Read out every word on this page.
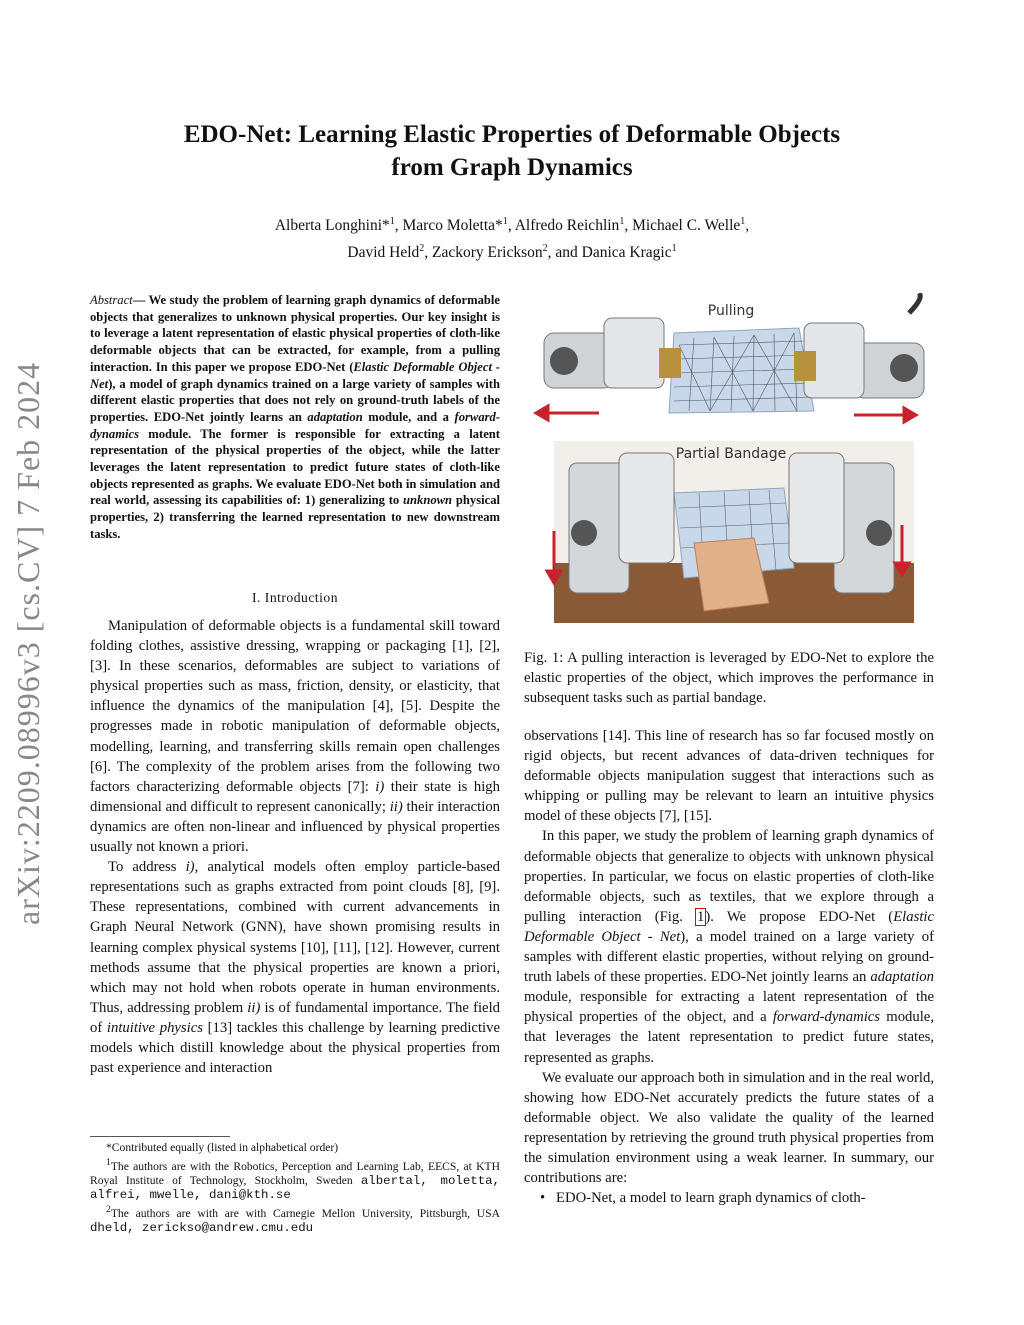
arXiv:2209.08996v3 [cs.CV] 7 Feb 2024
EDO-Net: Learning Elastic Properties of Deformable Objects
from Graph Dynamics
Alberta Longhini*$^1$, Marco Moletta*$^1$, Alfredo Reichlin$^1$, Michael C. Welle$^1$,
David Held$^2$, Zackory Erickson$^2$, and Danica Kragic$^1$
Abstract— We study the problem of learning graph dynamics of deformable objects that generalizes to unknown physical properties. Our key insight is to leverage a latent representation of elastic physical properties of cloth-like deformable objects that can be extracted, for example, from a pulling interaction. In this paper we propose EDO-Net (Elastic Deformable Object - Net), a model of graph dynamics trained on a large variety of samples with different elastic properties that does not rely on ground-truth labels of the properties. EDO-Net jointly learns an adaptation module, and a forward-dynamics module. The former is responsible for extracting a latent representation of the physical properties of the object, while the latter leverages the latent representation to predict future states of cloth-like objects represented as graphs. We evaluate EDO-Net both in simulation and real world, assessing its capabilities of: 1) generalizing to unknown physical properties, 2) transferring the learned representation to new downstream tasks.
I. Introduction

Manipulation of deformable objects is a fundamental skill toward folding clothes, assistive dressing, wrapping or packaging [1], [2], [3]. In these scenarios, deformables are subject to variations of physical properties such as mass, friction, density, or elasticity, that influence the dynamics of the manipulation [4], [5]. Despite the progresses made in robotic manipulation of deformable objects, modelling, learning, and transferring skills remain open challenges [6]. The complexity of the problem arises from the following two factors characterizing deformable objects [7]: i) their state is high dimensional and difficult to represent canonically; ii) their interaction dynamics are often non-linear and influenced by physical properties usually not known a priori.

To address i), analytical models often employ particle-based representations such as graphs extracted from point clouds [8], [9]. These representations, combined with current advancements in Graph Neural Network (GNN), have shown promising results in learning complex physical systems [10], [11], [12]. However, current methods assume that the physical properties are known a priori, which may not hold when robots operate in human environments. Thus, addressing problem ii) is of fundamental importance. The field of intuitive physics [13] tackles this challenge by learning predictive models which distill knowledge about the physical properties from past experience and interaction

*Contributed equally (listed in alphabetical order)

$^1$The authors are with the Robotics, Perception and Learning Lab, EECS, at KTH Royal Institute of Technology, Stockholm, Sweden albertal, moletta, alfrei, mwelle, dani@kth.se

$^2$The authors are with are with Carnegie Mellon University, Pittsburgh, USA dheld, zerickso@andrew.cmu.edu

Pulling
Partial Bandage
Fig. 1: A pulling interaction is leveraged by EDO-Net to explore the elastic properties of the object, which improves the performance in subsequent tasks such as partial bandage.

observations [14]. This line of research has so far focused mostly on rigid objects, but recent advances of data-driven techniques for deformable objects manipulation suggest that interactions such as whipping or pulling may be relevant to learn an intuitive physics model of these objects [7], [15].

In this paper, we study the problem of learning graph dynamics of deformable objects that generalize to objects with unknown physical properties. In particular, we focus on elastic properties of cloth-like deformable objects, such as textiles, that we explore through a pulling interaction (Fig. 1). We propose EDO-Net (Elastic Deformable Object - Net), a model trained on a large variety of samples with different elastic properties, without relying on ground-truth labels of these properties. EDO-Net jointly learns an adaptation module, responsible for extracting a latent representation of the physical properties of the object, and a forward-dynamics module, that leverages the latent representation to predict future states, represented as graphs.

We evaluate our approach both in simulation and in the real world, showing how EDO-Net accurately predicts the future states of a deformable object. We also validate the quality of the learned representation by retrieving the ground truth physical properties from the simulation environment using a weak learner. In summary, our contributions are:

• EDO-Net, a model to learn graph dynamics of cloth-
